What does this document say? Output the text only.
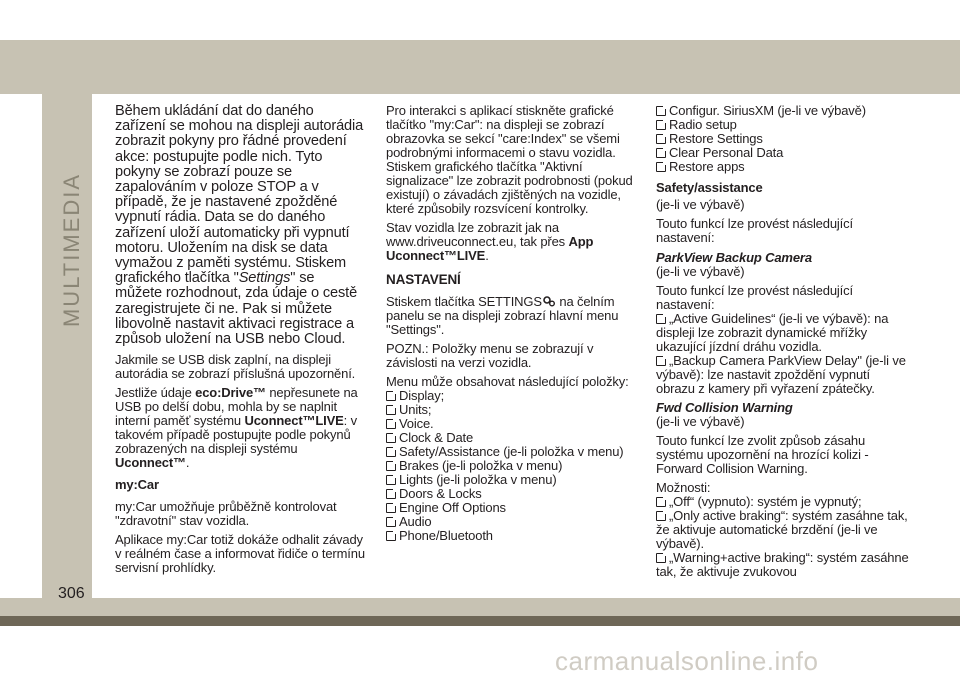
MULTIMEDIA
306

Během ukládání dat do daného zařízení se mohou na displeji autorádia zobrazit pokyny pro řádné provedení akce: postupujte podle nich. Tyto pokyny se zobrazí pouze se zapalováním v poloze STOP a v případě, že je nastavené zpožděné vypnutí rádia. Data se do daného zařízení uloží automaticky při vypnutí motoru. Uložením na disk se data vymažou z paměti systému. Stiskem grafického tlačítka "Settings" se můžete rozhodnout, zda údaje o cestě zaregistrujete či ne. Pak si můžete libovolně nastavit aktivaci registrace a způsob uložení na USB nebo Cloud.

Jakmile se USB disk zaplní, na displeji autorádia se zobrazí příslušná upozornění.

Jestliže údaje eco:Drive™ nepřesunete na USB po delší dobu, mohla by se naplnit interní paměť systému Uconnect™LIVE: v takovém případě postupujte podle pokynů zobrazených na displeji systému Uconnect™.

my:Car

my:Car umožňuje průběžně kontrolovat "zdravotní" stav vozidla.

Aplikace my:Car totiž dokáže odhalit závady v reálném čase a informovat řidiče o termínu servisní prohlídky.

Pro interakci s aplikací stiskněte grafické tlačítko "my:Car": na displeji se zobrazí obrazovka se sekcí "care:Index" se všemi podrobnými informacemi o stavu vozidla. Stiskem grafického tlačítka "Aktivní signalizace" lze zobrazit podrobnosti (pokud existují) o závadách zjištěných na vozidle, které způsobily rozsvícení kontrolky.

Stav vozidla lze zobrazit jak na www.driveuconnect.eu, tak přes App Uconnect™LIVE.

NASTAVENÍ

Stiskem tlačítka SETTINGS na čelním panelu se na displeji zobrazí hlavní menu "Settings".

POZN.: Položky menu se zobrazují v závislosti na verzi vozidla.

Menu může obsahovat následující položky:

Display;
Units;
Voice.
Clock & Date
Safety/Assistance (je-li položka v menu)
Brakes (je-li položka v menu)
Lights (je-li položka v menu)
Doors & Locks
Engine Off Options
Audio
Phone/Bluetooth
Configur. SiriusXM (je-li ve výbavě)
Radio setup
Restore Settings
Clear Personal Data
Restore apps
Safety/assistance

(je-li ve výbavě)

Touto funkcí lze provést následující nastavení:

ParkView Backup Camera

(je-li ve výbavě)

Touto funkcí lze provést následující nastavení:

„Active Guidelines“ (je-li ve výbavě): na displeji lze zobrazit dynamické mřížky ukazující jízdní dráhu vozidla.
„Backup Camera ParkView Delay" (je-li ve výbavě): lze nastavit zpoždění vypnutí obrazu z kamery při vyřazení zpátečky.
Fwd Collision Warning

(je-li ve výbavě)

Touto funkcí lze zvolit způsob zásahu systému upozornění na hrozící kolizi - Forward Collision Warning.

Možnosti:

„Off“ (vypnuto): systém je vypnutý;
„Only active braking“: systém zasáhne tak, že aktivuje automatické brzdění (je-li ve výbavě).
„Warning+active braking“: systém zasáhne tak, že aktivuje zvukovou
carmanualsonline.info
